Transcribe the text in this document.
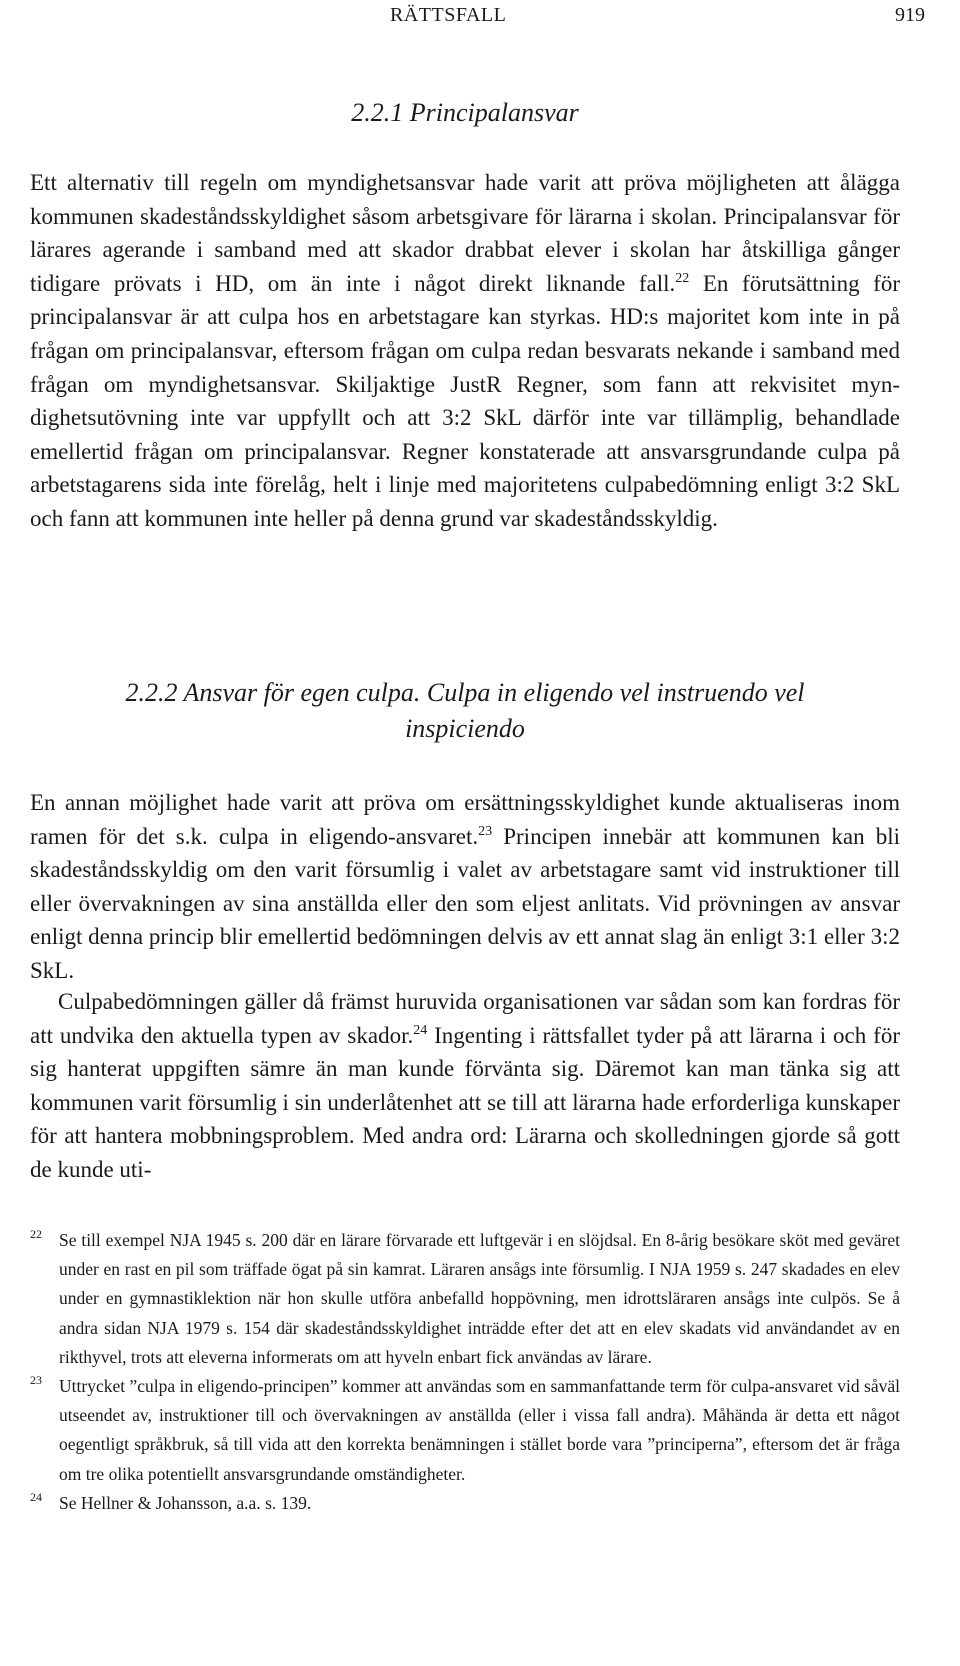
RÄTTSFALL	919
2.2.1 Principalansvar

Ett alternativ till regeln om myndighetsansvar hade varit att pröva möjligheten att ålägga kommunen skadeståndsskyldighet såsom arbetsgivare för lärarna i skolan. Principalansvar för lärares agerande i samband med att skador drabbat elever i skolan har åtskilliga gånger tidigare prövats i HD, om än inte i något direkt liknande fall.$^{22}$ En förutsättning för principalansvar är att culpa hos en arbetstagare kan styrkas. HD:s majoritet kom inte in på frågan om principalansvar, eftersom frågan om culpa redan besvarats nekande i samband med frågan om myndighetsansvar. Skiljaktige JustR Regner, som fann att rekvisitet myndighetsutövning inte var uppfyllt och att 3:2 SkL därför inte var tillämplig, behandlade emellertid frågan om principalansvar. Regner konstaterade att ansvarsgrundande culpa på arbetstagarens sida inte förelåg, helt i linje med majoritetens culpabedömning enligt 3:2 SkL och fann att kommunen inte heller på denna grund var skadeståndsskyldig.

2.2.2 Ansvar för egen culpa. Culpa in eligendo vel instruendo vel
inspiciendo

En annan möjlighet hade varit att pröva om ersättningsskyldighet kunde aktualiseras inom ramen för det s.k. culpa in eligendo-ansvaret.$^{23}$ Principen innebär att kommunen kan bli skadeståndsskyldig om den varit försumlig i valet av arbetstagare samt vid instruktioner till eller övervakningen av sina anställda eller den som eljest anlitats. Vid prövningen av ansvar enligt denna princip blir emellertid bedömningen delvis av ett annat slag än enligt 3:1 eller 3:2 SkL.

Culpabedömningen gäller då främst huruvida organisationen var sådan som kan fordras för att undvika den aktuella typen av skador.$^{24}$ Ingenting i rättsfallet tyder på att lärarna i och för sig hanterat uppgiften sämre än man kunde förvänta sig. Däremot kan man tänka sig att kommunen varit försumlig i sin underlåtenhet att se till att lärarna hade erforderliga kunskaper för att hantera mobbningsproblem. Med andra ord: Lärarna och skolledningen gjorde så gott de kunde uti-

22 Se till exempel NJA 1945 s. 200 där en lärare förvarade ett luftgevär i en slöjdsal. En 8-årig besökare sköt med geväret under en rast en pil som träffade ögat på sin kamrat. Läraren ansågs inte försumlig. I NJA 1959 s. 247 skadades en elev under en gymnastiklektion när hon skulle utföra anbefalld hoppövning, men idrottsläraren ansågs inte culpös. Se å andra sidan NJA 1979 s. 154 där skadeståndsskyldighet inträdde efter det att en elev skadats vid användandet av en rikthyvel, trots att eleverna informerats om att hyveln enbart fick användas av lärare.

23 Uttrycket ”culpa in eligendo-principen” kommer att användas som en sammanfattande term för culpa-ansvaret vid såväl utseendet av, instruktioner till och övervakningen av anställda (eller i vissa fall andra). Måhända är detta ett något oegentligt språkbruk, så till vida att den korrekta benämningen i stället borde vara ”principerna”, eftersom det är fråga om tre olika potentiellt ansvarsgrundande omständigheter.

24 Se Hellner & Johansson, a.a. s. 139.
